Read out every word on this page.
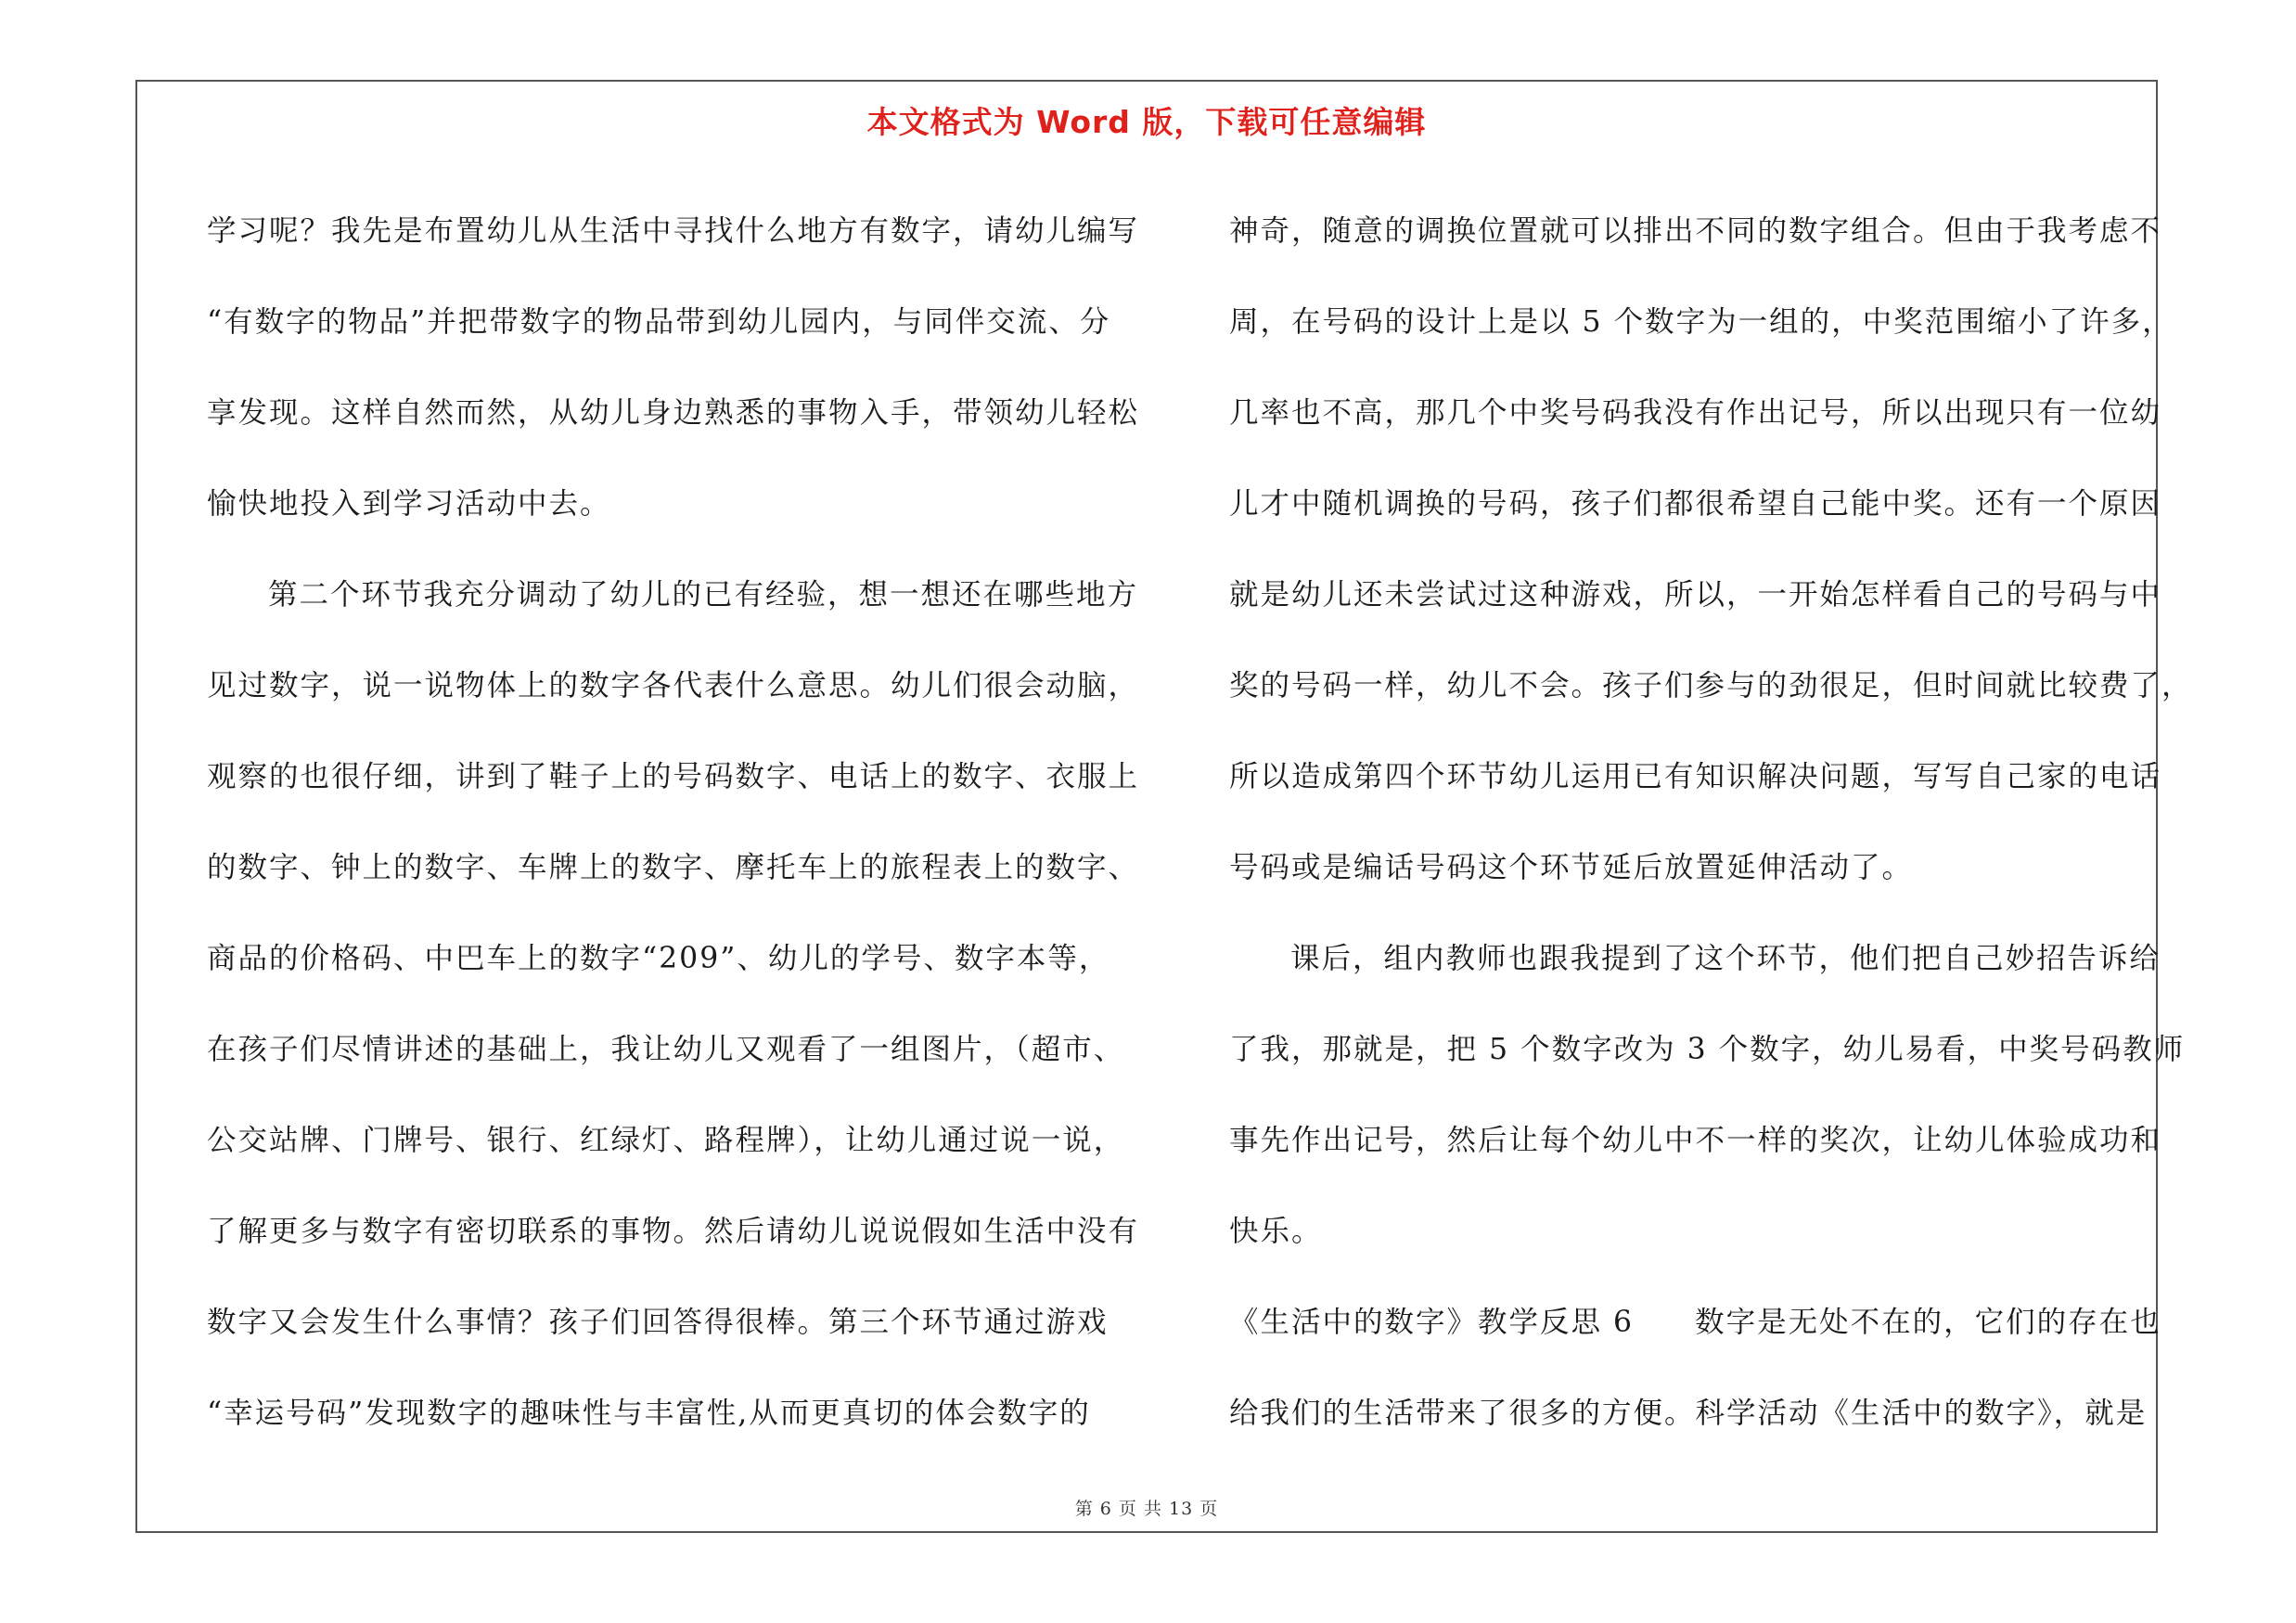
本文格式为 Word 版，下载可任意编辑
学习呢？我先是布置幼儿从生活中寻找什么地方有数字，请幼儿编写
“有数字的物品”并把带数字的物品带到幼儿园内，与同伴交流、分
享发现。这样自然而然，从幼儿身边熟悉的事物入手，带领幼儿轻松
愉快地投入到学习活动中去。
第二个环节我充分调动了幼儿的已有经验，想一想还在哪些地方
见过数字，说一说物体上的数字各代表什么意思。幼儿们很会动脑，
观察的也很仔细，讲到了鞋子上的号码数字、电话上的数字、衣服上
的数字、钟上的数字、车牌上的数字、摩托车上的旅程表上的数字、
商品的价格码、中巴车上的数字“209”、幼儿的学号、数字本等，
在孩子们尽情讲述的基础上，我让幼儿又观看了一组图片，（超市、
公交站牌、门牌号、银行、红绿灯、路程牌），让幼儿通过说一说，
了解更多与数字有密切联系的事物。然后请幼儿说说假如生活中没有
数字又会发生什么事情？孩子们回答得很棒。第三个环节通过游戏
“幸运号码”发现数字的趣味性与丰富性,从而更真切的体会数字的
神奇，随意的调换位置就可以排出不同的数字组合。但由于我考虑不
周，在号码的设计上是以 5 个数字为一组的，中奖范围缩小了许多，
几率也不高，那几个中奖号码我没有作出记号，所以出现只有一位幼
儿才中随机调换的号码，孩子们都很希望自己能中奖。还有一个原因
就是幼儿还未尝试过这种游戏，所以，一开始怎样看自己的号码与中
奖的号码一样，幼儿不会。孩子们参与的劲很足，但时间就比较费了，
所以造成第四个环节幼儿运用已有知识解决问题，写写自己家的电话
号码或是编话号码这个环节延后放置延伸活动了。
课后，组内教师也跟我提到了这个环节，他们把自己妙招告诉给
了我，那就是，把 5 个数字改为 3 个数字，幼儿易看，中奖号码教师
事先作出记号，然后让每个幼儿中不一样的奖次，让幼儿体验成功和
快乐。
《生活中的数字》教学反思 6 数字是无处不在的，它们的存在也
给我们的生活带来了很多的方便。科学活动《生活中的数字》，就是
第 6 页 共 13 页
